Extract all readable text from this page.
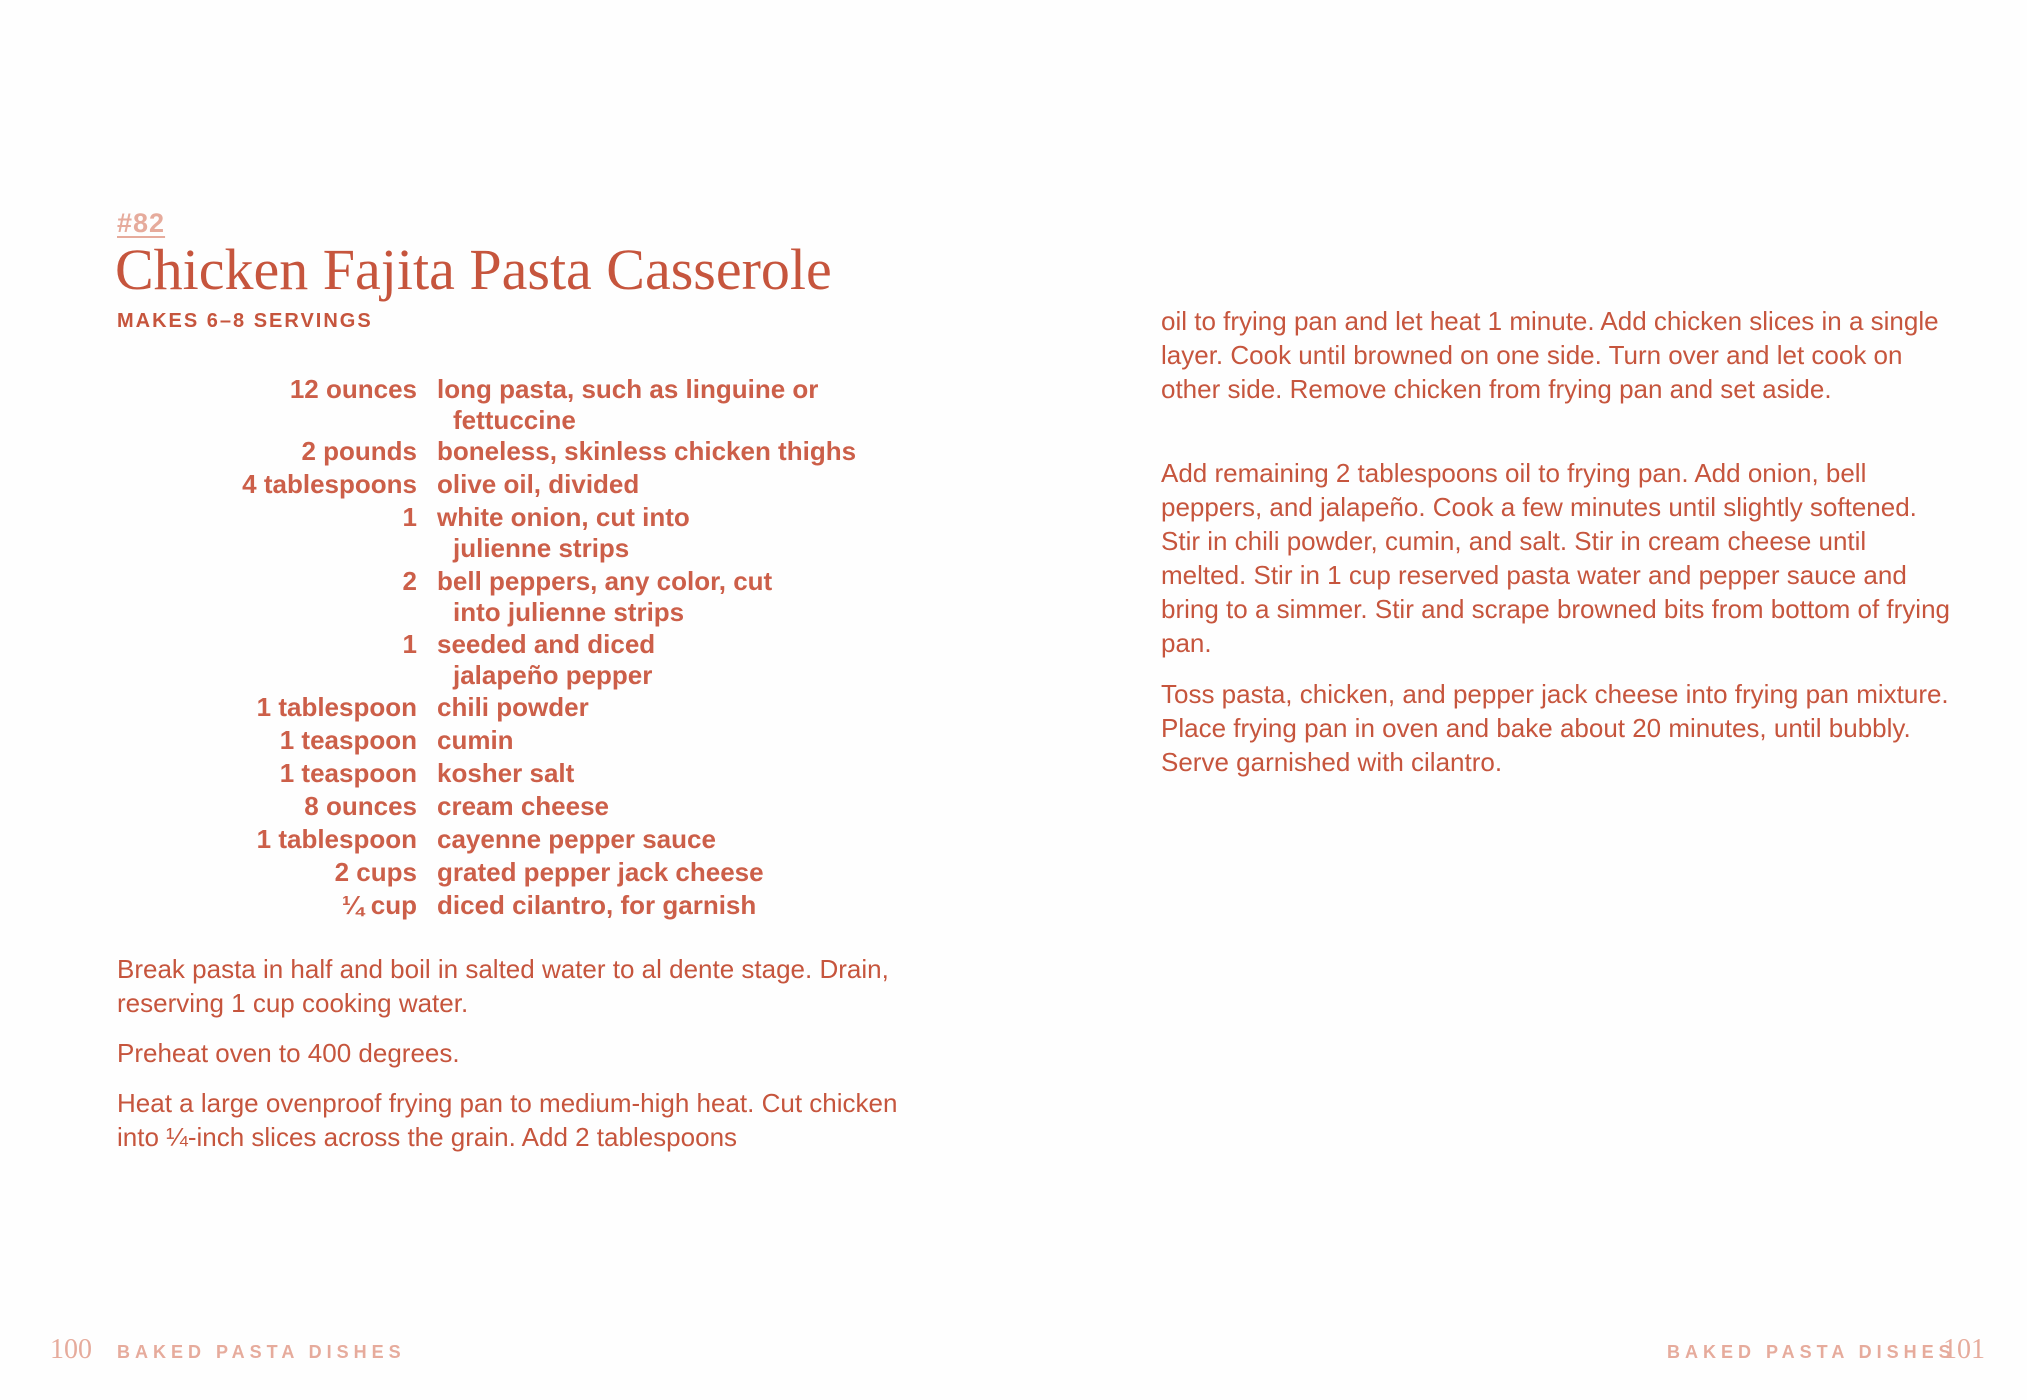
#82
Chicken Fajita Pasta Casserole
MAKES 6–8 SERVINGS
12 ounces long pasta, such as linguine or fettuccine
2 pounds boneless, skinless chicken thighs
4 tablespoons olive oil, divided
1 white onion, cut into julienne strips
2 bell peppers, any color, cut into julienne strips
1 seeded and diced jalapeño pepper
1 tablespoon chili powder
1 teaspoon cumin
1 teaspoon kosher salt
8 ounces cream cheese
1 tablespoon cayenne pepper sauce
2 cups grated pepper jack cheese
¼ cup diced cilantro, for garnish

Break pasta in half and boil in salted water to al dente stage. Drain, reserving 1 cup cooking water.

Preheat oven to 400 degrees.

Heat a large ovenproof frying pan to medium-high heat. Cut chicken into ¼-inch slices across the grain. Add 2 tablespoons

100 BAKED PASTA DISHES

oil to frying pan and let heat 1 minute. Add chicken slices in a single layer. Cook until browned on one side. Turn over and let cook on other side. Remove chicken from frying pan and set aside.

Add remaining 2 tablespoons oil to frying pan. Add onion, bell peppers, and jalapeño. Cook a few minutes until slightly softened. Stir in chili powder, cumin, and salt. Stir in cream cheese until melted. Stir in 1 cup reserved pasta water and pepper sauce and bring to a simmer. Stir and scrape browned bits from bottom of frying pan.

Toss pasta, chicken, and pepper jack cheese into frying pan mixture. Place frying pan in oven and bake about 20 minutes, until bubbly. Serve garnished with cilantro.

BAKED PASTA DISHES
101
